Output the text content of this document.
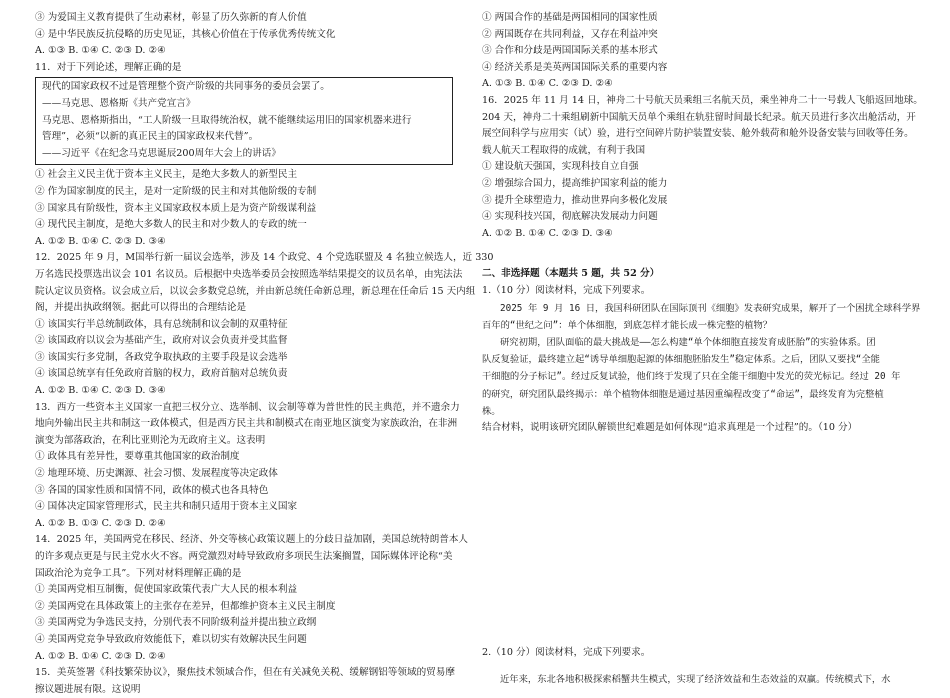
③ 为爱国主义教育提供了生动素材，彰显了历久弥新的育人价值
④ 是中华民族反抗侵略的历史见证，其核心价值在于传承优秀传统文化
A. ①③ B. ①④ C. ②③ D. ②④
11．对于下列论述，理解正确的是
现代的国家政权不过是管理整个资产阶级的共同事务的委员会罢了。
——马克思、恩格斯《共产党宣言》
马克思、恩格斯指出，“工人阶级一旦取得统治权，就不能继续运用旧的国家机器来进行
管理”，必须“以新的真正民主的国家政权来代替”。
——习近平《在纪念马克思诞辰200周年大会上的讲话》
① 社会主义民主优于资本主义民主，是绝大多数人的新型民主
② 作为国家制度的民主，是对一定阶级的民主和对其他阶级的专制
③ 国家具有阶级性，资本主义国家政权本质上是为资产阶级谋利益
④ 现代民主制度，是绝大多数人的民主和对少数人的专政的统一
A. ①② B. ①④ C. ②③ D. ③④
12．2025 年 9 月，M国举行新一届议会选举，涉及 14 个政党、4 个党选联盟及 4 名独立候选人，近 330
万名选民投票选出议会 101 名议员。后根据中央选举委员会按照选举结果提交的议员名单，由宪法法
院认定议员资格。议会成立后，以议会多数党总统，并由新总统任命新总理，新总理在任命后 15 天内组
阁，并提出执政纲领。据此可以得出的合理结论是
① 该国实行半总统制政体，具有总统制和议会制的双重特征
② 该国政府以议会为基础产生，政府对议会负责并受其监督
③ 该国实行多党制，各政党争取执政的主要手段是议会选举
④ 该国总统享有任免政府首脑的权力，政府首脑对总统负责
A. ①② B. ①④ C. ②③ D. ③④
13．西方一些资本主义国家一直把三权分立、选举制、议会制等尊为普世性的民主典范，并不遗余力
地向外输出民主共和制这一政体模式，但是西方民主共和制模式在南亚地区演变为家族政治，在非洲
演变为部落政治，在利比亚则沦为无政府主义。这表明
① 政体具有差异性，要尊重其他国家的政治制度
② 地理环境、历史渊源、社会习惯、发展程度等决定政体
③ 各国的国家性质和国情不同，政体的模式也各具特色
④ 国体决定国家管理形式，民主共和制只适用于资本主义国家
A. ①② B. ①③ C. ②③ D. ②④
14．2025 年，美国两党在移民、经济、外交等核心政策议题上的分歧日益加剧，美国总统特朗普本人
的许多观点更是与民主党水火不容。两党激烈对峙导致政府多项民生法案搁置，国际媒体评论称“美
国政治沦为竞争工具”。下列对材料理解正确的是
① 美国两党相互制衡，促使国家政策代表广大人民的根本利益
② 美国两党在具体政策上的主张存在差异，但都维护资本主义民主制度
③ 美国两党为争选民支持，分别代表不同阶级利益并提出独立政纲
④ 美国两党竞争导致政府效能低下，难以切实有效解决民生问题
A. ①② B. ①④ C. ②③ D. ②④
15．美英签署《科技繁荣协议》，聚焦技术领域合作，但在有关减免关税、缓解钢铝等领域的贸易摩
擦议题进展有限。这说明
① 两国合作的基础是两国相同的国家性质
② 两国既存在共同利益，又存在利益冲突
③ 合作和分歧是两国国际关系的基本形式
④ 经济关系是美英两国国际关系的重要内容
A. ①③ B. ①④ C. ②③ D. ②④
16．2025 年 11 月 14 日，神舟二十号航天员乘组三名航天员，乘坐神舟二十一号载人飞船返回地球。
204 天，神舟二十乘组刷新中国航天员单个乘组在轨驻留时间最长纪录。航天员进行多次出舱活动，开
展空间科学与应用实（试）验，进行空间碎片防护装置安装、舱外载荷和舱外设备安装与回收等任务。
载人航天工程取得的成就，有利于我国
① 建设航天强国，实现科技自立自强
② 增强综合国力，提高维护国家利益的能力
③ 提升全球塑造力，推动世界向多极化发展
④ 实现科技兴国，彻底解决发展动力问题
A. ①② B. ①④ C. ②③ D. ③④
二、非选择题（本题共 5 题，共 52 分）
1.（10 分）阅读材料，完成下列要求。
2025 年 9 月 16 日，我国科研团队在国际顶刊《细胞》发表研究成果，解开了一个困扰全球科学界
百年的“世纪之问”：单个体细胞，到底怎样才能长成一株完整的植物？
研究初期，团队面临的最大挑战是——怎么构建“单个体细胞直接发育成胚胎”的实验体系。团
队反复验证，最终建立起“诱导单细胞起源的体细胞胚胎发生”稳定体系。之后，团队又要找“全能
干细胞的分子标记”。经过反复试验，他们终于发现了只在全能干细胞中发光的荧光标记。经过 20 年
的研究，研究团队最终揭示：单个植物体细胞是通过基因重编程改变了“命运”，最终发育为完整植
株。
结合材料，说明该研究团队解锁世纪难题是如何体现“追求真理是一个过程”的。（10 分）
2.（10 分）阅读材料，完成下列要求。
近年来，东北各地积极探索稻蟹共生模式，实现了经济效益和生态效益的双赢。传统模式下，水
